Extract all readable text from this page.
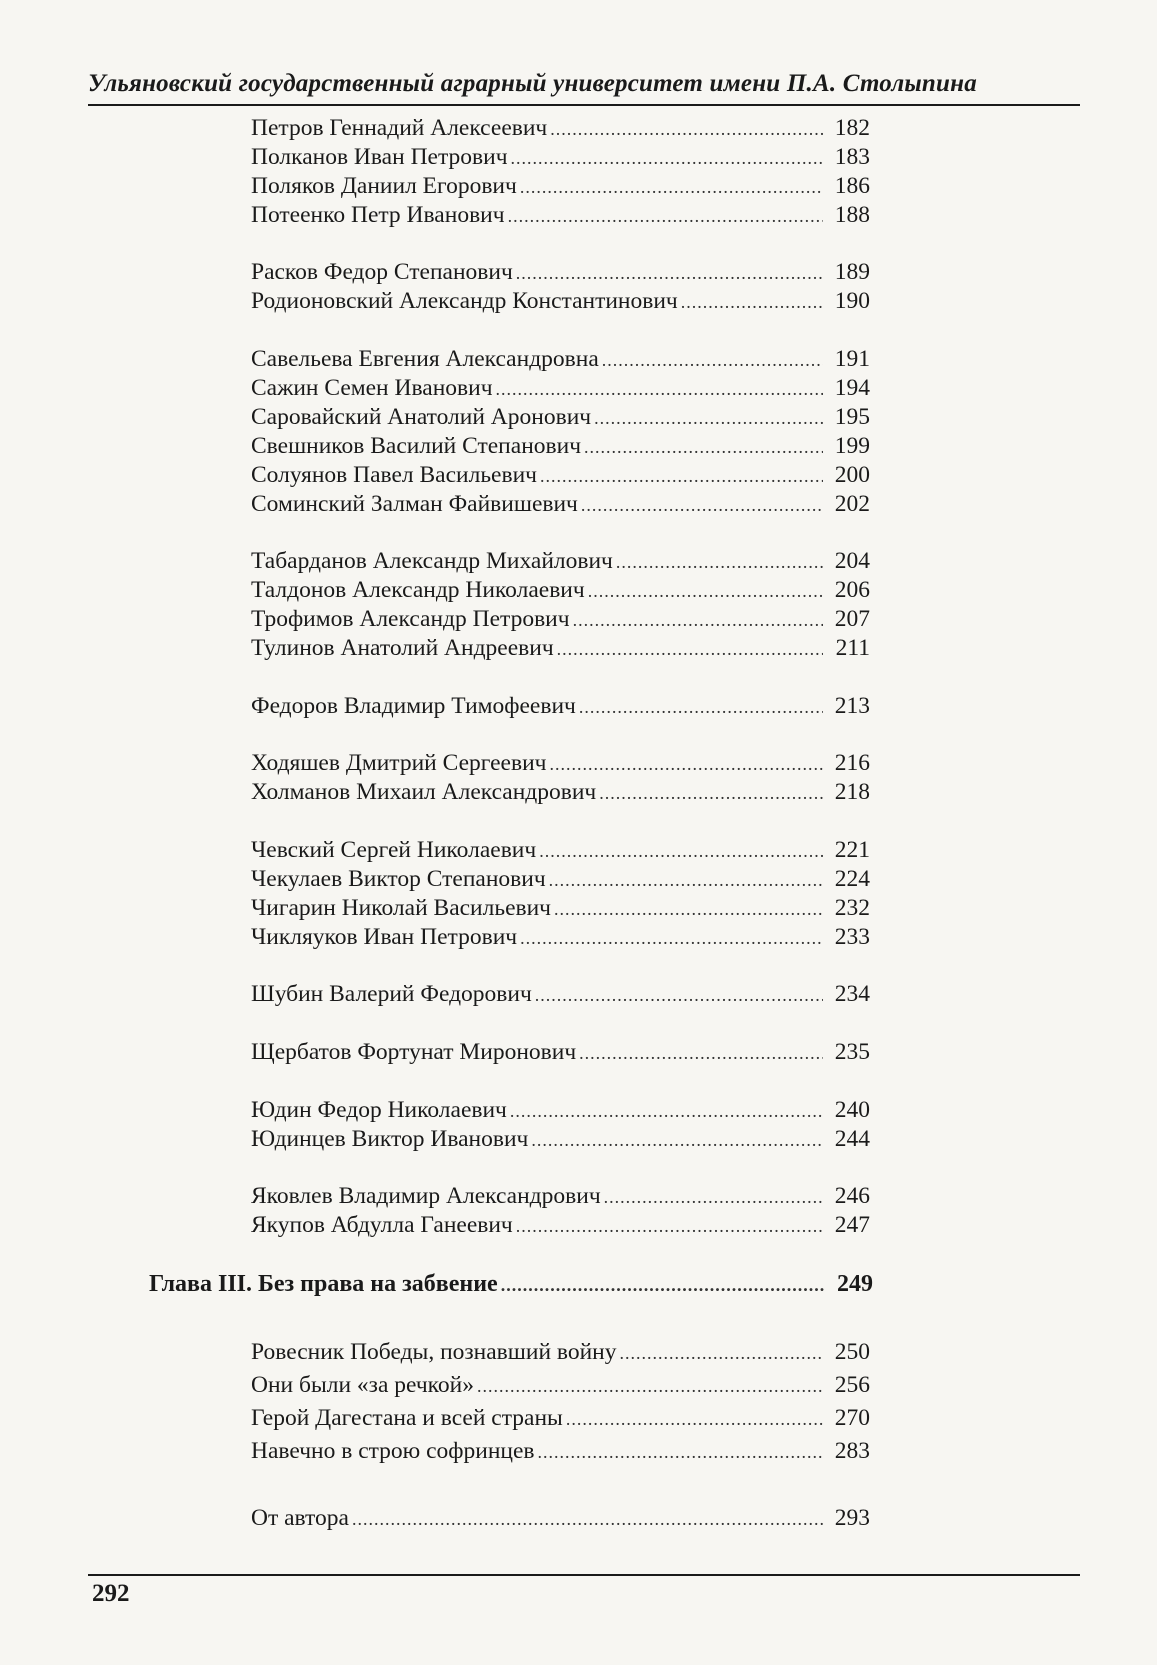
Ульяновский государственный аграрный университет имени П.А. Столыпина
Петров Геннадий Алексеевич .....	182
Полканов Иван Петрович .....	183
Поляков Даниил Егорович .....	186
Потеенко Петр Иванович .....	188
Расков Федор Степанович .....	189
Родионовский Александр Константинович .....	190
Савельева Евгения Александровна .....	191
Сажин Семен Иванович .....	194
Саровайский Анатолий Аронович .....	195
Свешников Василий Степанович .....	199
Солуянов Павел Васильевич .....	200
Соминский Залман Файвишевич .....	202
Табарданов Александр Михайлович .....	204
Талдонов Александр Николаевич .....	206
Трофимов Александр Петрович .....	207
Тулинов Анатолий Андреевич .....	211
Федоров Владимир Тимофеевич .....	213
Ходяшев Дмитрий Сергеевич .....	216
Холманов Михаил Александрович .....	218
Чевский Сергей Николаевич .....	221
Чекулаев Виктор Степанович .....	224
Чигарин Николай Васильевич .....	232
Чикляуков Иван Петрович .....	233
Шубин Валерий Федорович .....	234
Щербатов Фортунат Миронович .....	235
Юдин Федор Николаевич .....	240
Юдинцев Виктор Иванович .....	244
Яковлев Владимир Александрович .....	246
Якупов Абдулла Ганеевич .....	247
Глава III. Без права на забвение .....	249
Ровесник Победы, познавший войну .....	250
Они были «за речкой» .....	256
Герой Дагестана и всей страны .....	270
Навечно в строю софринцев .....	283
От автора .....	293
292
